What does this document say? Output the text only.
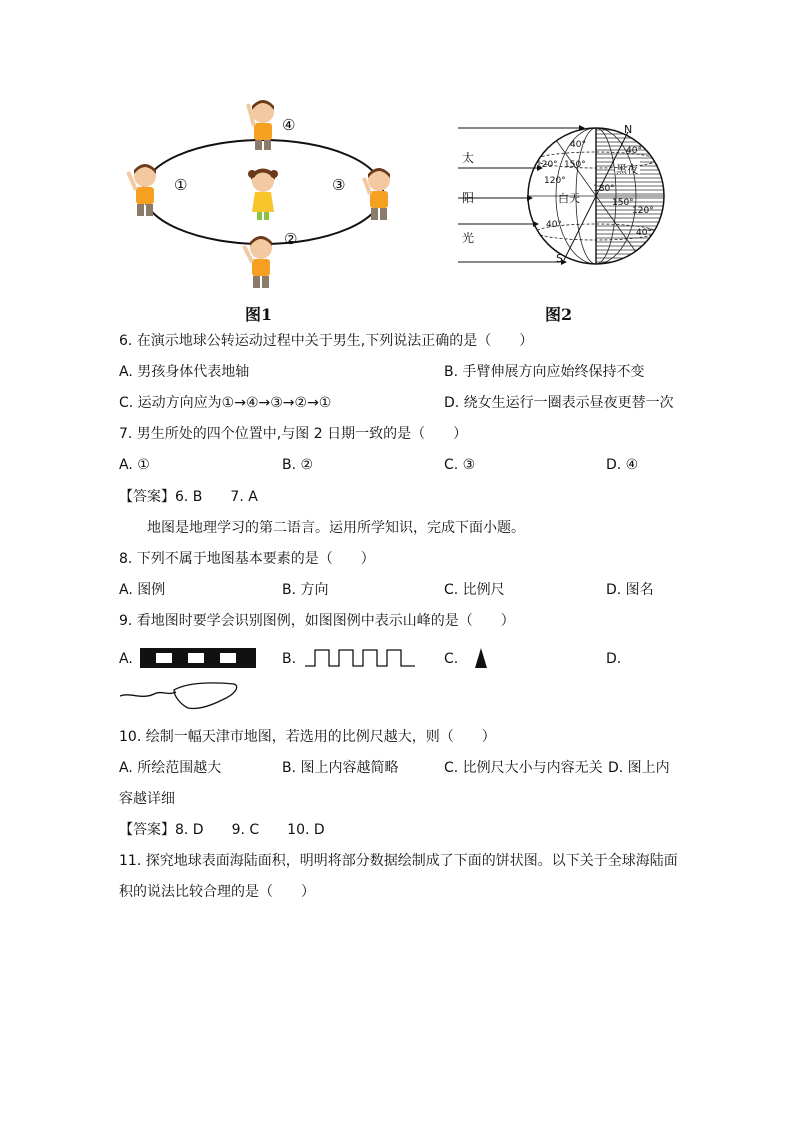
①
②
③
④
图1
太
阳
光
N
S
黑夜
白天
40°
120° 150°
120°
40°
180°
150°
120°
40°
40°
图2
6. 在演示地球公转运动过程中关于男生,下列说法正确的是（　　）
A. 男孩身体代表地轴	B. 手臂伸展方向应始终保持不变
C. 运动方向应为①→④→③→②→①	D. 绕女生运行一圈表示昼夜更替一次
7. 男生所处的四个位置中,与图 2 日期一致的是（　　）
A. ①	B. ②	C. ③	D. ④
【答案】6. B　　7. A
地图是地理学习的第二语言。运用所学知识，完成下面小题。
8. 下列不属于地图基本要素的是（　　）
A. 图例	B. 方向	C. 比例尺	D. 图名
9. 看地图时要学会识别图例，如图图例中表示山峰的是（　　）
A.	B.	C.	D.
10. 绘制一幅天津市地图，若选用的比例尺越大，则（　　）
A. 所绘范围越大	B. 图上内容越简略	C. 比例尺大小与内容无关 D. 图上内
容越详细
【答案】8. D　　9. C　　10. D
11. 探究地球表面海陆面积，明明将部分数据绘制成了下面的饼状图。以下关于全球海陆面
积的说法比较合理的是（　　）
